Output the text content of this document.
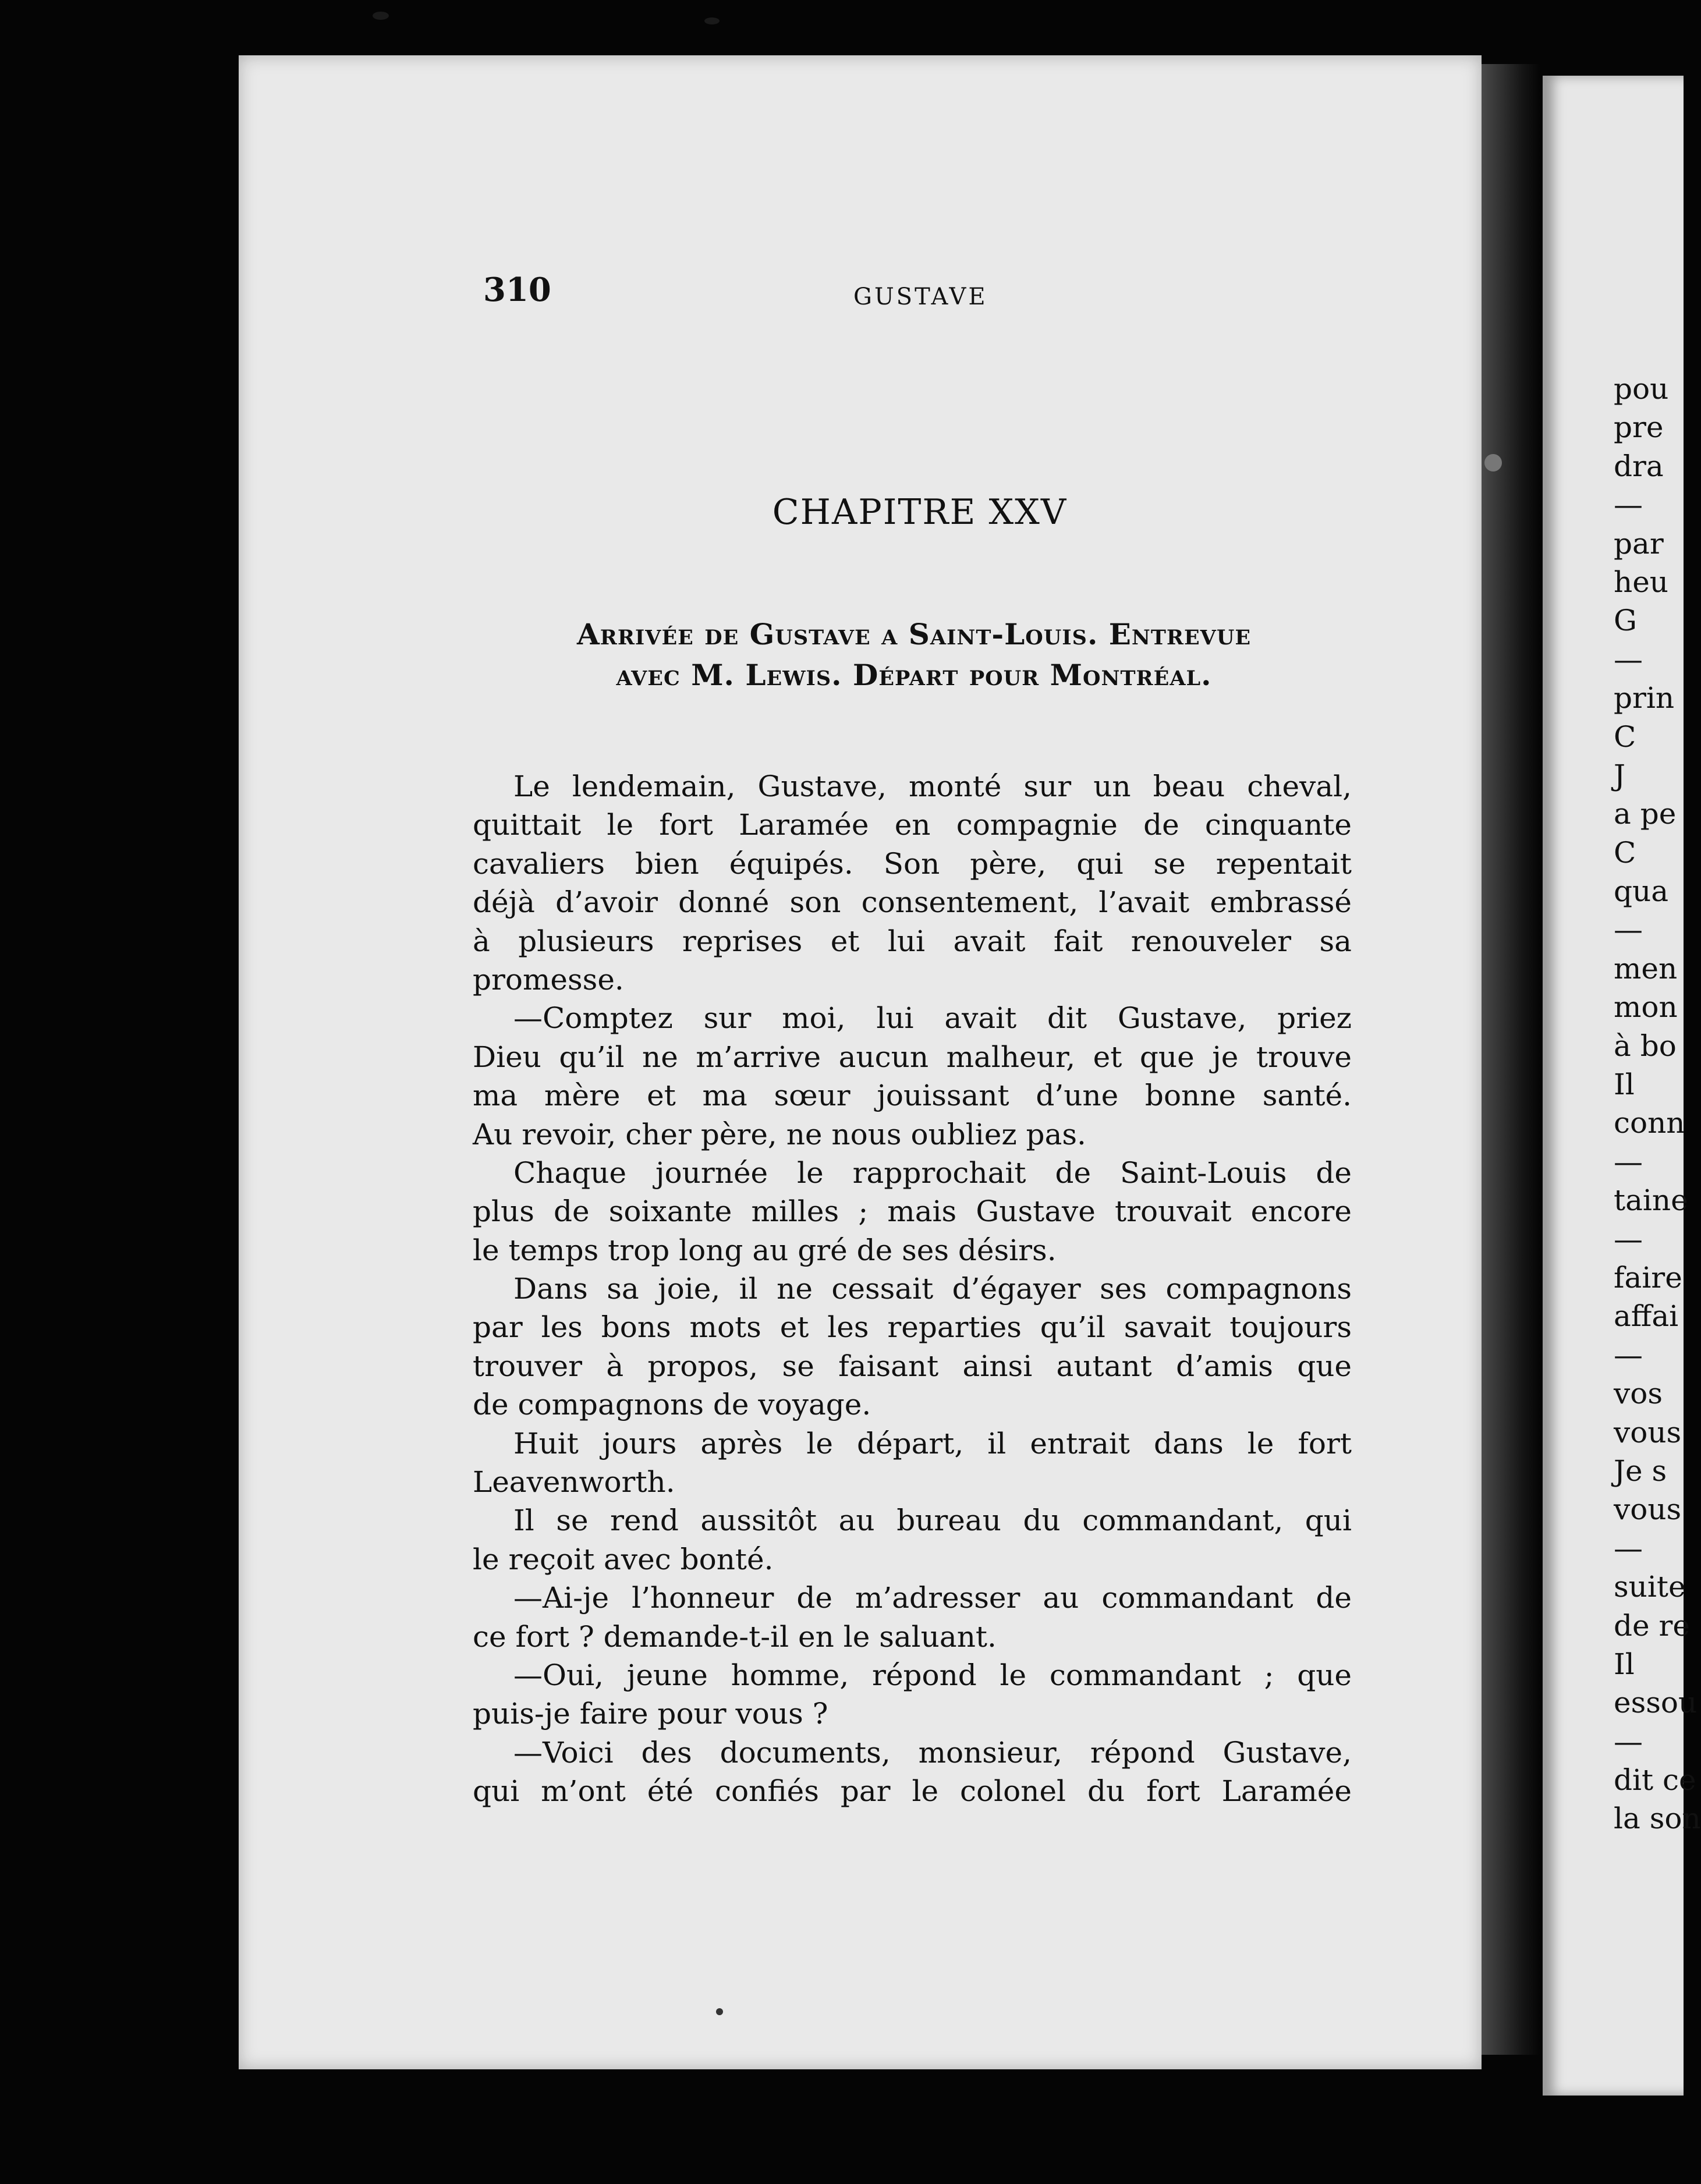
310	GUSTAVE
CHAPITRE XXV
Arrivée de Gustave a Saint-Louis. Entrevue
avec M. Lewis. Départ pour Montréal.
Le lendemain, Gustave, monté sur un beau cheval,
quittait le fort Laramée en compagnie de cinquante
cavaliers bien équipés. Son père, qui se repentait
déjà d’avoir donné son consentement, l’avait embrassé
à plusieurs reprises et lui avait fait renouveler sa
promesse.
—Comptez sur moi, lui avait dit Gustave, priez
Dieu qu’il ne m’arrive aucun malheur, et que je trouve
ma mère et ma sœur jouissant d’une bonne santé.
Au revoir, cher père, ne nous oubliez pas.
Chaque journée le rapprochait de Saint-Louis de
plus de soixante milles ; mais Gustave trouvait encore
le temps trop long au gré de ses désirs.
Dans sa joie, il ne cessait d’égayer ses compagnons
par les bons mots et les reparties qu’il savait toujours
trouver à propos, se faisant ainsi autant d’amis que
de compagnons de voyage.
Huit jours après le départ, il entrait dans le fort
Leavenworth.
Il se rend aussitôt au bureau du commandant, qui
le reçoit avec bonté.
—Ai-je l’honneur de m’adresser au commandant de
ce fort ? demande-t-il en le saluant.
—Oui, jeune homme, répond le commandant ; que
puis-je faire pour vous ?
—Voici des documents, monsieur, répond Gustave,
qui m’ont été confiés par le colonel du fort Laramée
pou
pre
dra
—
par
heu
G
—
prin
C
J
a pe
C
qua
—
men
mon
à bo
Il
conn
—
taine
—
faire
affai
—
vos
vous
Je s
vous
—
suite
de re
Il
essou
—
dit ce
la son
